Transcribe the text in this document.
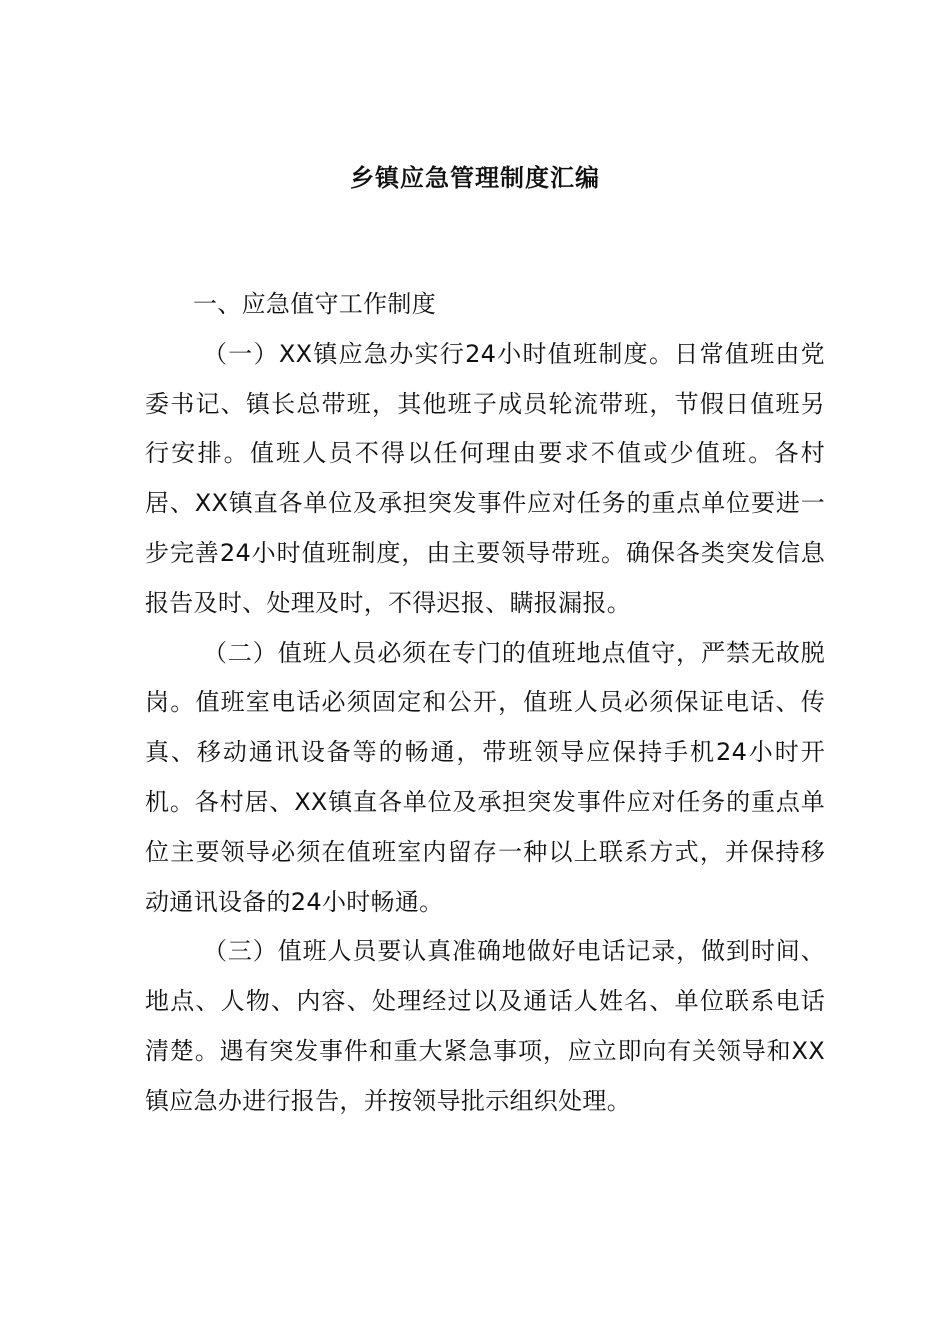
乡镇应急管理制度汇编

一、应急值守工作制度

（一）XX镇应急办实行24小时值班制度。日常值班由党委书记、镇长总带班，其他班子成员轮流带班，节假日值班另行安排。值班人员不得以任何理由要求不值或少值班。各村居、XX镇直各单位及承担突发事件应对任务的重点单位要进一步完善24小时值班制度，由主要领导带班。确保各类突发信息报告及时、处理及时，不得迟报、瞒报漏报。

（二）值班人员必须在专门的值班地点值守，严禁无故脱岗。值班室电话必须固定和公开，值班人员必须保证电话、传真、移动通讯设备等的畅通，带班领导应保持手机24小时开机。各村居、XX镇直各单位及承担突发事件应对任务的重点单位主要领导必须在值班室内留存一种以上联系方式，并保持移动通讯设备的24小时畅通。

（三）值班人员要认真准确地做好电话记录，做到时间、地点、人物、内容、处理经过以及通话人姓名、单位联系电话清楚。遇有突发事件和重大紧急事项，应立即向有关领导和XX镇应急办进行报告，并按领导批示组织处理。
